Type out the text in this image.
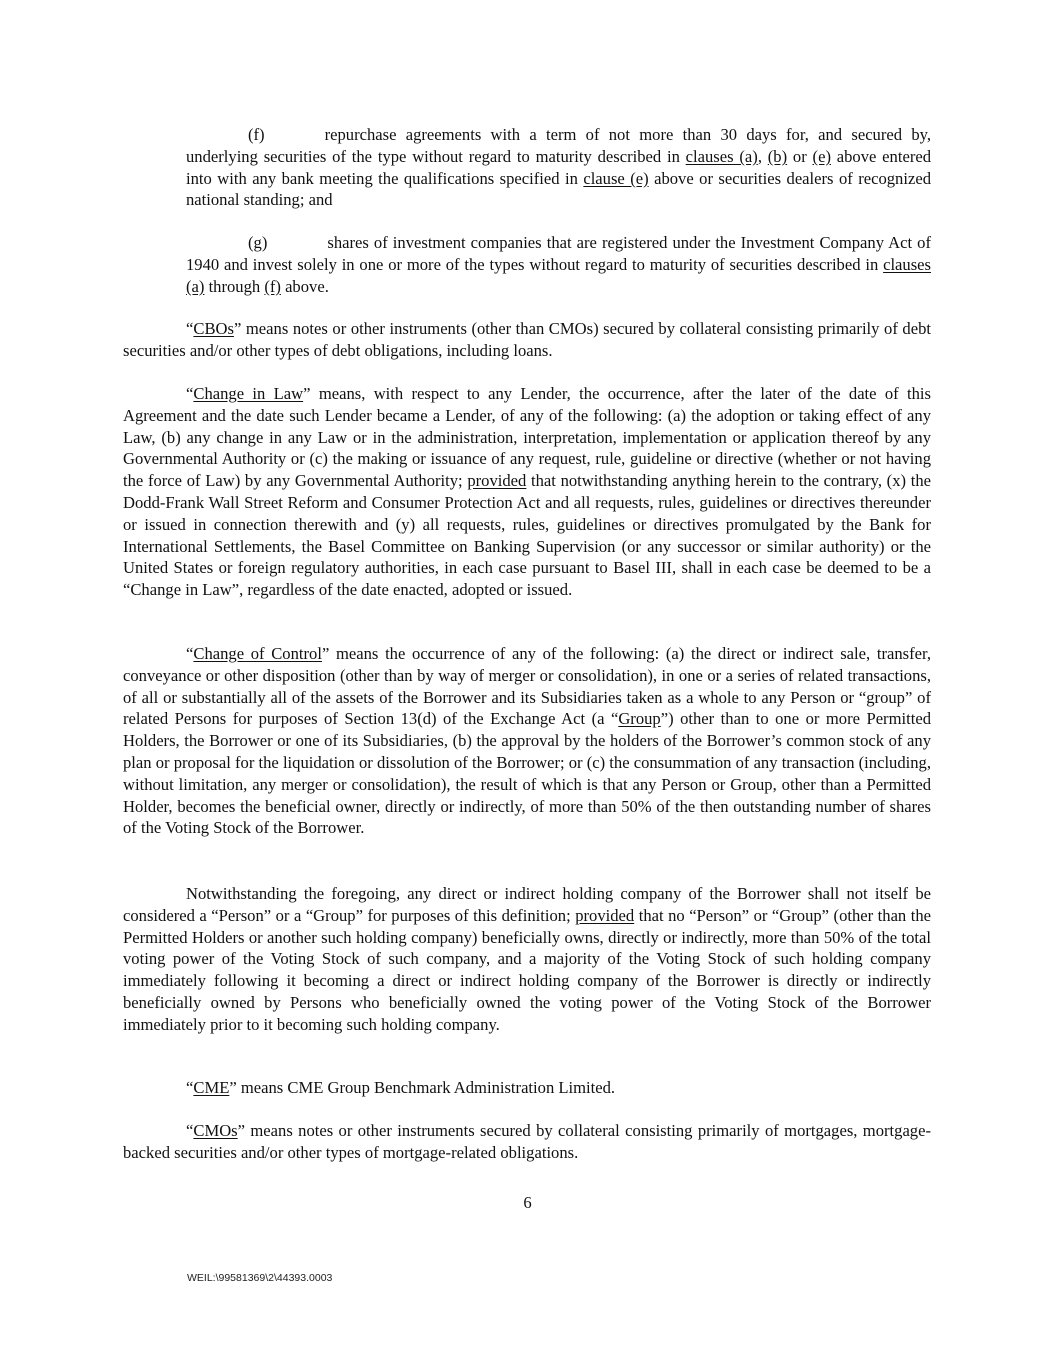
(f)	repurchase agreements with a term of not more than 30 days for, and secured by, underlying securities of the type without regard to maturity described in clauses (a), (b) or (e) above entered into with any bank meeting the qualifications specified in clause (e) above or securities dealers of recognized national standing; and

(g)	shares of investment companies that are registered under the Investment Company Act of 1940 and invest solely in one or more of the types without regard to maturity of securities described in clauses (a) through (f) above.

“CBOs” means notes or other instruments (other than CMOs) secured by collateral consisting primarily of debt securities and/or other types of debt obligations, including loans.

“Change in Law” means, with respect to any Lender, the occurrence, after the later of the date of this Agreement and the date such Lender became a Lender, of any of the following: (a) the adoption or taking effect of any Law, (b) any change in any Law or in the administration, interpretation, implementation or application thereof by any Governmental Authority or (c) the making or issuance of any request, rule, guideline or directive (whether or not having the force of Law) by any Governmental Authority; provided that notwithstanding anything herein to the contrary, (x) the Dodd-Frank Wall Street Reform and Consumer Protection Act and all requests, rules, guidelines or directives thereunder or issued in connection therewith and (y) all requests, rules, guidelines or directives promulgated by the Bank for International Settlements, the Basel Committee on Banking Supervision (or any successor or similar authority) or the United States or foreign regulatory authorities, in each case pursuant to Basel III, shall in each case be deemed to be a “Change in Law”, regardless of the date enacted, adopted or issued.

“Change of Control” means the occurrence of any of the following: (a) the direct or indirect sale, transfer, conveyance or other disposition (other than by way of merger or consolidation), in one or a series of related transactions, of all or substantially all of the assets of the Borrower and its Subsidiaries taken as a whole to any Person or “group” of related Persons for purposes of Section 13(d) of the Exchange Act (a “Group”) other than to one or more Permitted Holders, the Borrower or one of its Subsidiaries, (b) the approval by the holders of the Borrower’s common stock of any plan or proposal for the liquidation or dissolution of the Borrower; or (c) the consummation of any transaction (including, without limitation, any merger or consolidation), the result of which is that any Person or Group, other than a Permitted Holder, becomes the beneficial owner, directly or indirectly, of more than 50% of the then outstanding number of shares of the Voting Stock of the Borrower.

Notwithstanding the foregoing, any direct or indirect holding company of the Borrower shall not itself be considered a “Person” or a “Group” for purposes of this definition; provided that no “Person” or “Group” (other than the Permitted Holders or another such holding company) beneficially owns, directly or indirectly, more than 50% of the total voting power of the Voting Stock of such company, and a majority of the Voting Stock of such holding company immediately following it becoming a direct or indirect holding company of the Borrower is directly or indirectly beneficially owned by Persons who beneficially owned the voting power of the Voting Stock of the Borrower immediately prior to it becoming such holding company.

“CME” means CME Group Benchmark Administration Limited.

“CMOs” means notes or other instruments secured by collateral consisting primarily of mortgages, mortgage-backed securities and/or other types of mortgage-related obligations.

6
WEIL:\99581369\2\44393.0003
